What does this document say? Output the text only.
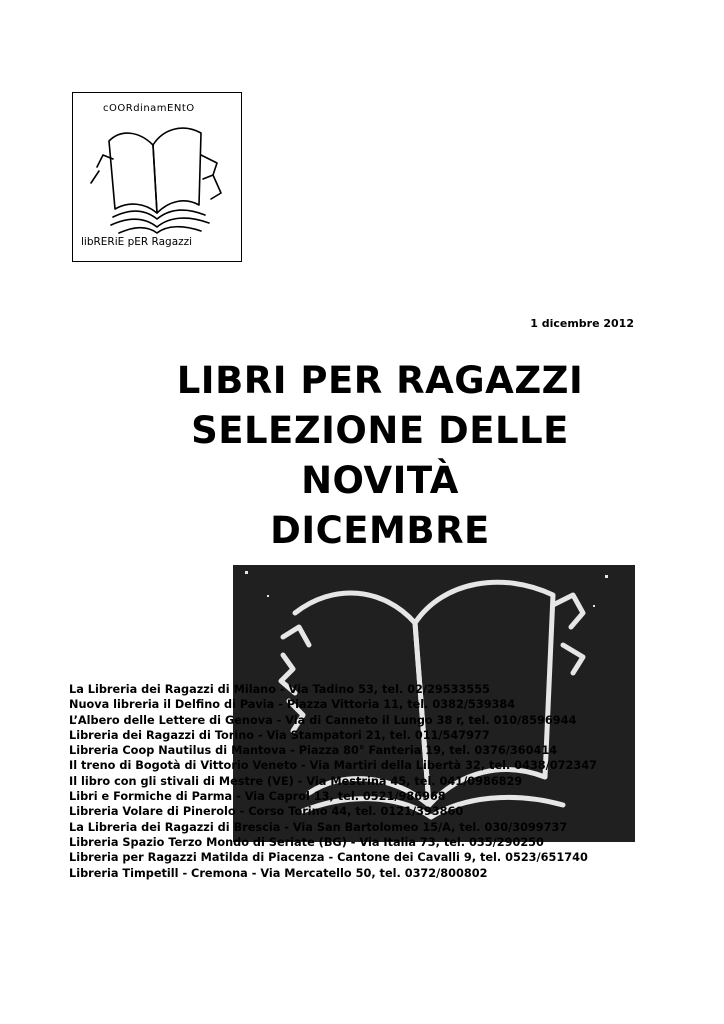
cOORdinamENtO
libRERiE pER Ragazzi
1 dicembre 2012
LIBRI PER RAGAZZI
SELEZIONE DELLE
NOVITÀ
DICEMBRE
La Libreria dei Ragazzi di Milano - Via Tadino 53, tel. 02/29533555
Nuova libreria il Delfino di Pavia - Piazza Vittoria 11, tel. 0382/539384
L’Albero delle Lettere di Genova - Via di Canneto il Lungo 38 r, tel. 010/8596944
Libreria dei Ragazzi di Torino - Via Stampatori 21, tel. 011/547977
Libreria Coop Nautilus di Mantova - Piazza 80° Fanteria 19, tel. 0376/360414
Il treno di Bogotà di Vittorio Veneto - Via Martiri della Libertà 32, tel. 0438/072347
Il libro con gli stivali di Mestre (VE) - Via Mestrina 45, tel. 041/0986829
Libri e Formiche di Parma - Via Caprol 13, tel. 0521/986968
Libreria Volare di Pinerolo - Corso Torino 44, tel. 0121/393860
La Libreria dei Ragazzi di Brescia - Via San Bartolomeo 15/A, tel. 030/3099737
Libreria Spazio Terzo Mondo di Seriate (BG) - Via Italia 73, tel. 035/290250
Libreria per Ragazzi Matilda di Piacenza - Cantone dei Cavalli 9, tel. 0523/651740
Libreria Timpetill - Cremona - Via Mercatello 50, tel. 0372/800802
